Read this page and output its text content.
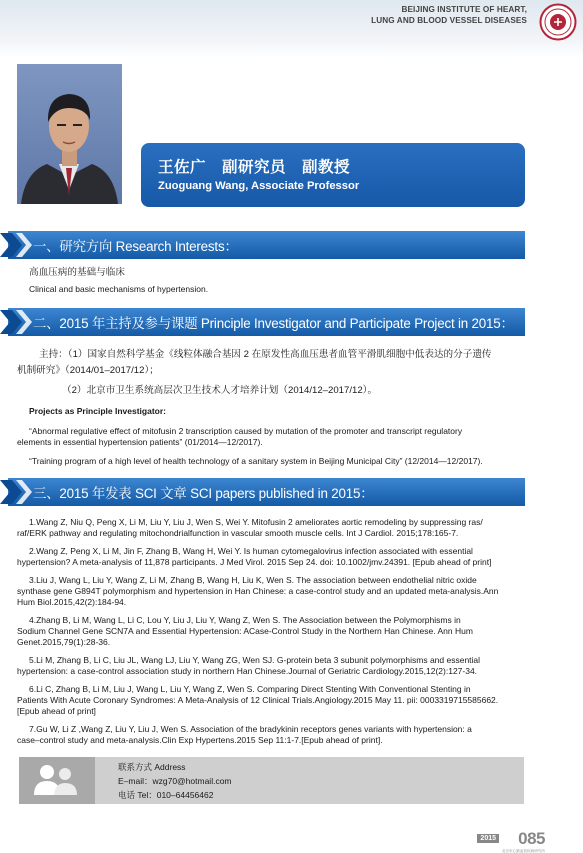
BEIJING INSTITUTE OF HEART,
LUNG AND BLOOD VESSEL DISEASES
王佐广　副研究员　副教授
Zuoguang Wang, Associate Professor
一、研究方向 Research Interests：
高血压病的基础与临床
Clinical and basic mechanisms of hypertension.
二、2015 年主持及参与课题 Principle Investigator and Participate Project in 2015：
主持：（1）国家自然科学基金《线粒体融合基因 2 在原发性高血压患者血管平滑肌细胞中低表达的分子遗传
机制研究》（2014/01–2017/12）；
（2）北京市卫生系统高层次卫生技术人才培养计划（2014/12–2017/12）。
Projects as Principle Investigator:
“Abnormal regulative effect of mitofusin 2 transcription caused by mutation of the promoter and transcript regulatory
elements in essential hypertension patients” (01/2014—12/2017).
“Training program of a high level of health technology of a sanitary system in Beijing Municipal City” (12/2014—12/2017).
三、2015 年发表 SCI 文章 SCI papers published in 2015：
1.Wang Z, Niu Q, Peng X, Li M, Liu Y, Liu J, Wen S, Wei Y. Mitofusin 2 ameliorates aortic remodeling by suppressing ras/
raf/ERK pathway and regulating mitochondrialfunction in vascular smooth muscle cells. Int J Cardiol. 2015;178:165-7.
2.Wang Z, Peng X, Li M, Jin F, Zhang B, Wang H, Wei Y. Is human cytomegalovirus infection associated with essential
hypertension? A meta-analysis of 11,878 participants. J Med Virol. 2015 Sep 24. doi: 10.1002/jmv.24391. [Epub ahead of print]
3.Liu J, Wang L, Liu Y, Wang Z, Li M, Zhang B, Wang H, Liu K, Wen S. The association between endothelial nitric oxide
synthase gene G894T polymorphism and hypertension in Han Chinese: a case-control study and an updated meta-analysis.Ann
Hum Biol.2015,42(2):184-94.
4.Zhang B, Li M, Wang L, Li C, Lou Y, Liu J, Liu Y, Wang Z, Wen S. The Association between the Polymorphisms in
Sodium Channel Gene SCN7A and Essential Hypertension: ACase-Control Study in the Northern Han Chinese. Ann Hum
Genet.2015,79(1):28-36.
5.Li M, Zhang B, Li C, Liu JL, Wang LJ, Liu Y, Wang ZG, Wen SJ. G-protein beta 3 subunit polymorphisms and essential
hypertension: a case-control association study in northern Han Chinese.Journal of Geriatric Cardiology.2015,12(2):127-34.
6.Li C, Zhang B, Li M, Liu J, Wang L, Liu Y, Wang Z, Wen S. Comparing Direct Stenting With Conventional Stenting in
Patients With Acute Coronary Syndromes: A Meta-Analysis of 12 Clinical Trials.Angiology.2015 May 11. pii: 0003319715585662.
[Epub ahead of print]
7.Gu W, Li Z ,Wang Z, Liu Y, Liu J, Wen S. Association of the bradykinin receptors genes variants with hypertension: a
case–control study and meta-analysis.Clin Exp Hypertens.2015 Sep 11:1-7.[Epub ahead of print].
联系方式 Address
E–mail：wzg70@hotmail.com
电话 Tel：010–64456462
2015 085
北京市心肺血管疾病研究所
